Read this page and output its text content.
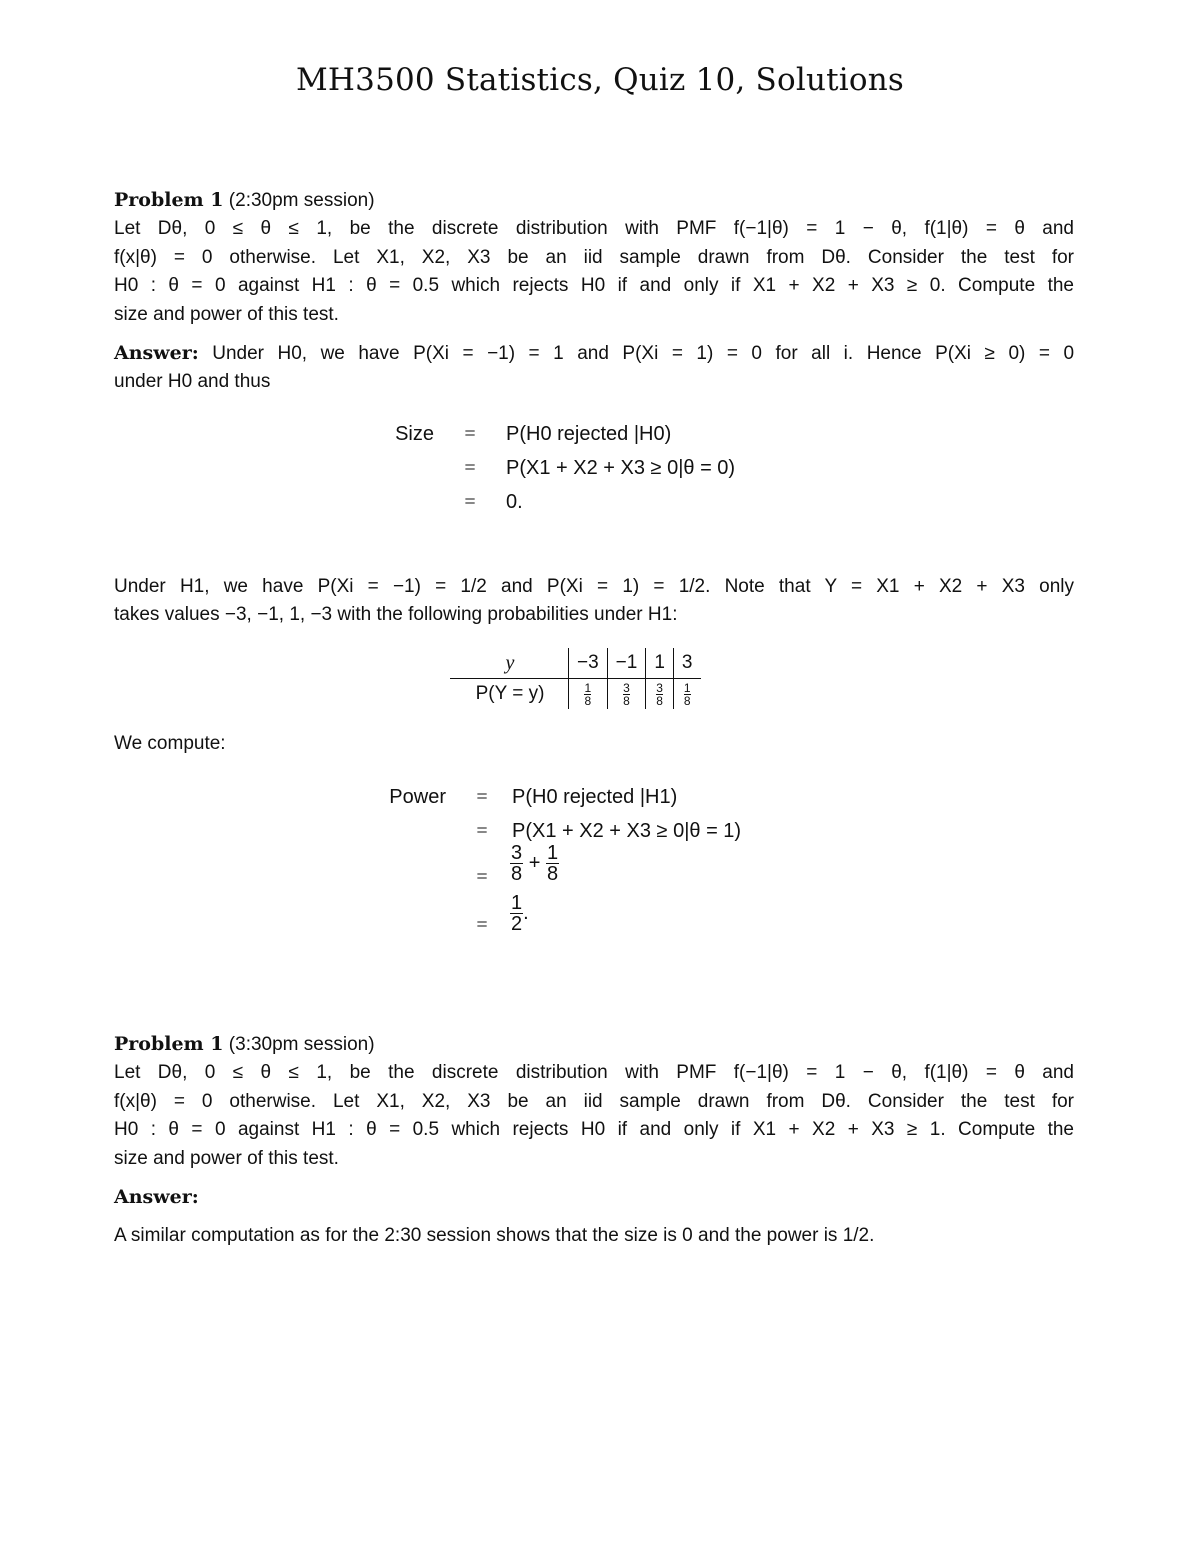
MH3500 Statistics, Quiz 10, Solutions
Problem 1 (2:30pm session)
Let Dθ, 0 ≤ θ ≤ 1, be the discrete distribution with PMF f(−1|θ) = 1 − θ, f(1|θ) = θ and
f(x|θ) = 0 otherwise. Let X1, X2, X3 be an iid sample drawn from Dθ. Consider the test for
H0 : θ = 0 against H1 : θ = 0.5 which rejects H0 if and only if X1 + X2 + X3 ≥ 0. Compute the
size and power of this test.
Answer: Under H0, we have P(Xi = −1) = 1 and P(Xi = 1) = 0 for all i. Hence P(Xi ≥ 0) = 0
under H0 and thus
Size	= P(H0 rejected |H0)
= P(X1 + X2 + X3 ≥ 0|θ = 0)
= 0.
Under H1, we have P(Xi = −1) = 1/2 and P(Xi = 1) = 1/2. Note that Y = X1 + X2 + X3 only
takes values −3, −1, 1, −3 with the following probabilities under H1:
y	−3	−1	1	3
P(Y = y)	$\frac{1}{8}$	$\frac{3}{8}$	$\frac{3}{8}$	$\frac{1}{8}$
We compute:
Power	= P(H0 rejected |H1)
= P(X1 + X2 + X3 ≥ 0|θ = 1)
= $\frac{3}{8} + \frac{1}{8}$
= $\frac{1}{2}$ .
Problem 1 (3:30pm session)
Let Dθ, 0 ≤ θ ≤ 1, be the discrete distribution with PMF f(−1|θ) = 1 − θ, f(1|θ) = θ and
f(x|θ) = 0 otherwise. Let X1, X2, X3 be an iid sample drawn from Dθ. Consider the test for
H0 : θ = 0 against H1 : θ = 0.5 which rejects H0 if and only if X1 + X2 + X3 ≥ 1. Compute the
size and power of this test.
Answer:
A similar computation as for the 2:30 session shows that the size is 0 and the power is 1/2.
